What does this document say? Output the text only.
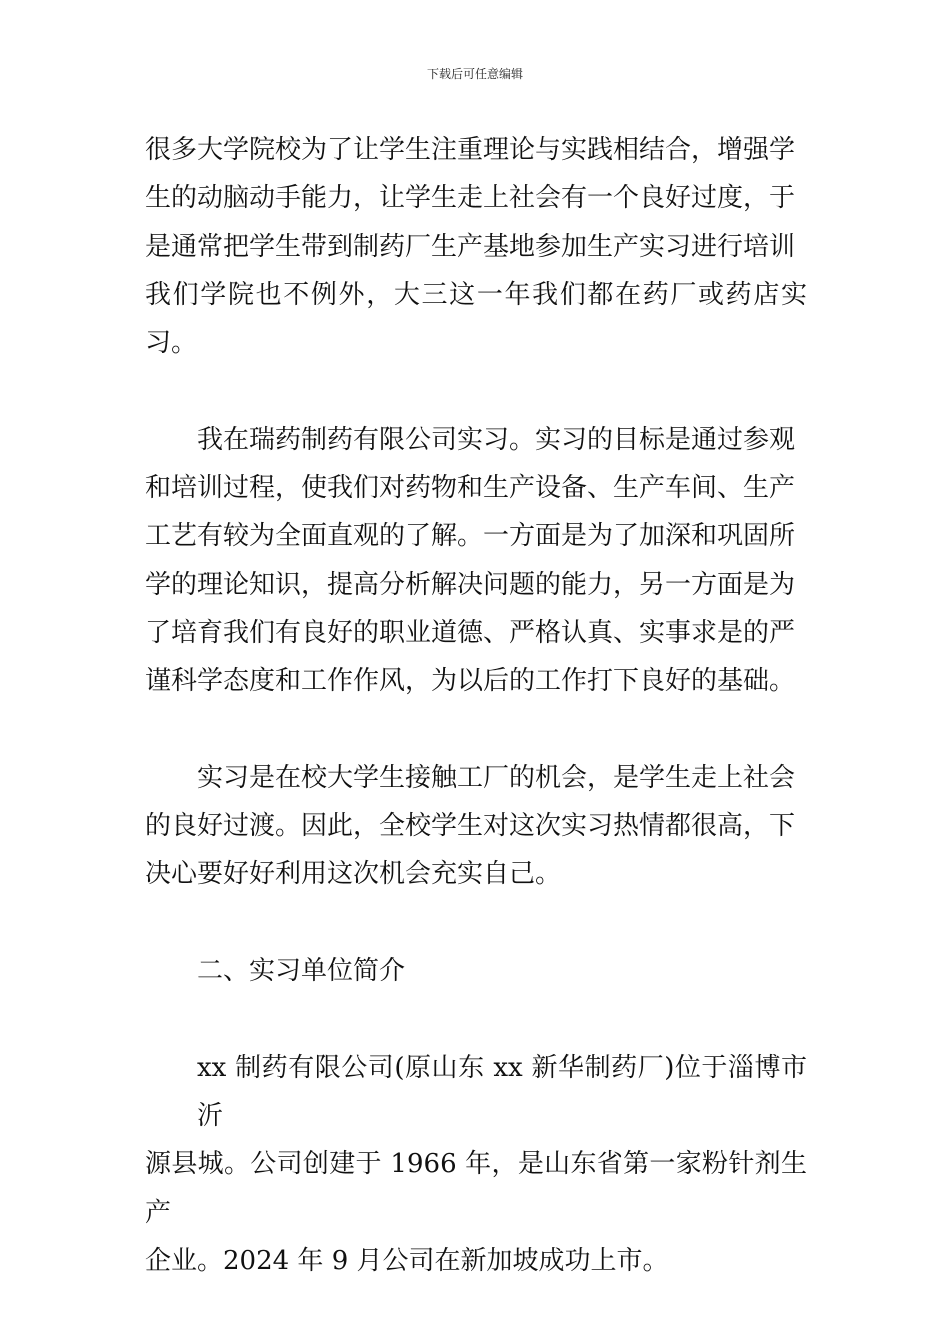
下载后可任意编辑

很多大学院校为了让学生注重理论与实践相结合，增强学
生的动脑动手能力，让学生走上社会有一个良好过度，于
是通常把学生带到制药厂生产基地参加生产实习进行培训
我们学院也不例外，大三这一年我们都在药厂或药店实习。

我在瑞药制药有限公司实习。实习的目标是通过参观
和培训过程，使我们对药物和生产设备、生产车间、生产
工艺有较为全面直观的了解。一方面是为了加深和巩固所
学的理论知识，提高分析解决问题的能力，另一方面是为
了培育我们有良好的职业道德、严格认真、实事求是的严
谨科学态度和工作作风，为以后的工作打下良好的基础。

实习是在校大学生接触工厂的机会，是学生走上社会
的良好过渡。因此，全校学生对这次实习热情都很高，下
决心要好好利用这次机会充实自己。

二、实习单位简介

xx 制药有限公司(原山东 xx 新华制药厂)位于淄博市沂
源县城。公司创建于 1966 年，是山东省第一家粉针剂生产
企业。2024 年 9 月公司在新加坡成功上市。
